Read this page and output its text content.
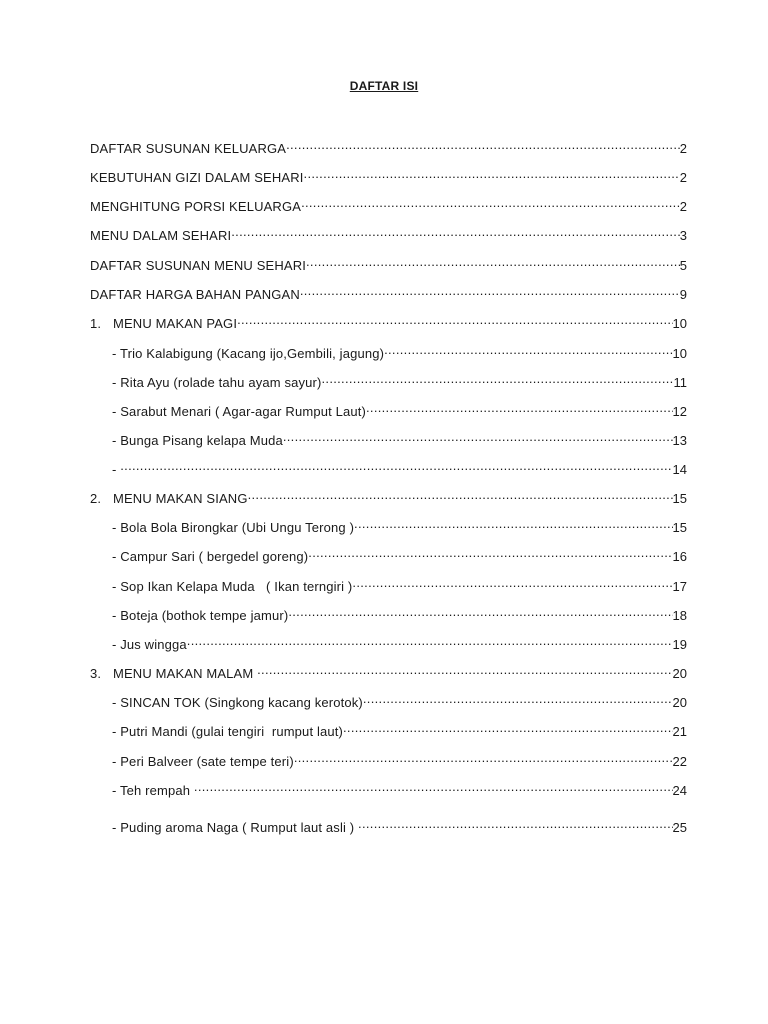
DAFTAR ISI
DAFTAR SUSUNAN KELUARGA .....	2
KEBUTUHAN GIZI DALAM SEHARI .....	2
MENGHITUNG PORSI KELUARGA .....	2
MENU DALAM SEHARI .....	3
DAFTAR SUSUNAN MENU SEHARI .....	5
DAFTAR HARGA BAHAN PANGAN .....	9
1. MENU MAKAN PAGI .....	10
- Trio Kalabigung (Kacang ijo,Gembili, jagung) .....	10
- Rita Ayu (rolade tahu ayam sayur) .....	11
- Sarabut Menari ( Agar-agar Rumput Laut) .....	12
- Bunga Pisang kelapa Muda .....	13
- .....	14
2. MENU MAKAN SIANG .....	15
- Bola Bola Birongkar (Ubi Ungu Terong ) .....	15
- Campur Sari ( bergedel goreng) .....	16
- Sop Ikan Kelapa Muda   ( Ikan terngiri ) .....	17
- Boteja (bothok tempe jamur) .....	18
- Jus wingga .....	19
3. MENU MAKAN MALAM .....	20
- SINCAN TOK (Singkong kacang kerotok) .....	20
- Putri Mandi (gulai tengiri  rumput laut) .....	21
- Peri Balveer (sate tempe teri) .....	22
- Teh rempah .....	24
- Puding aroma Naga ( Rumput laut asli ) .....	25
